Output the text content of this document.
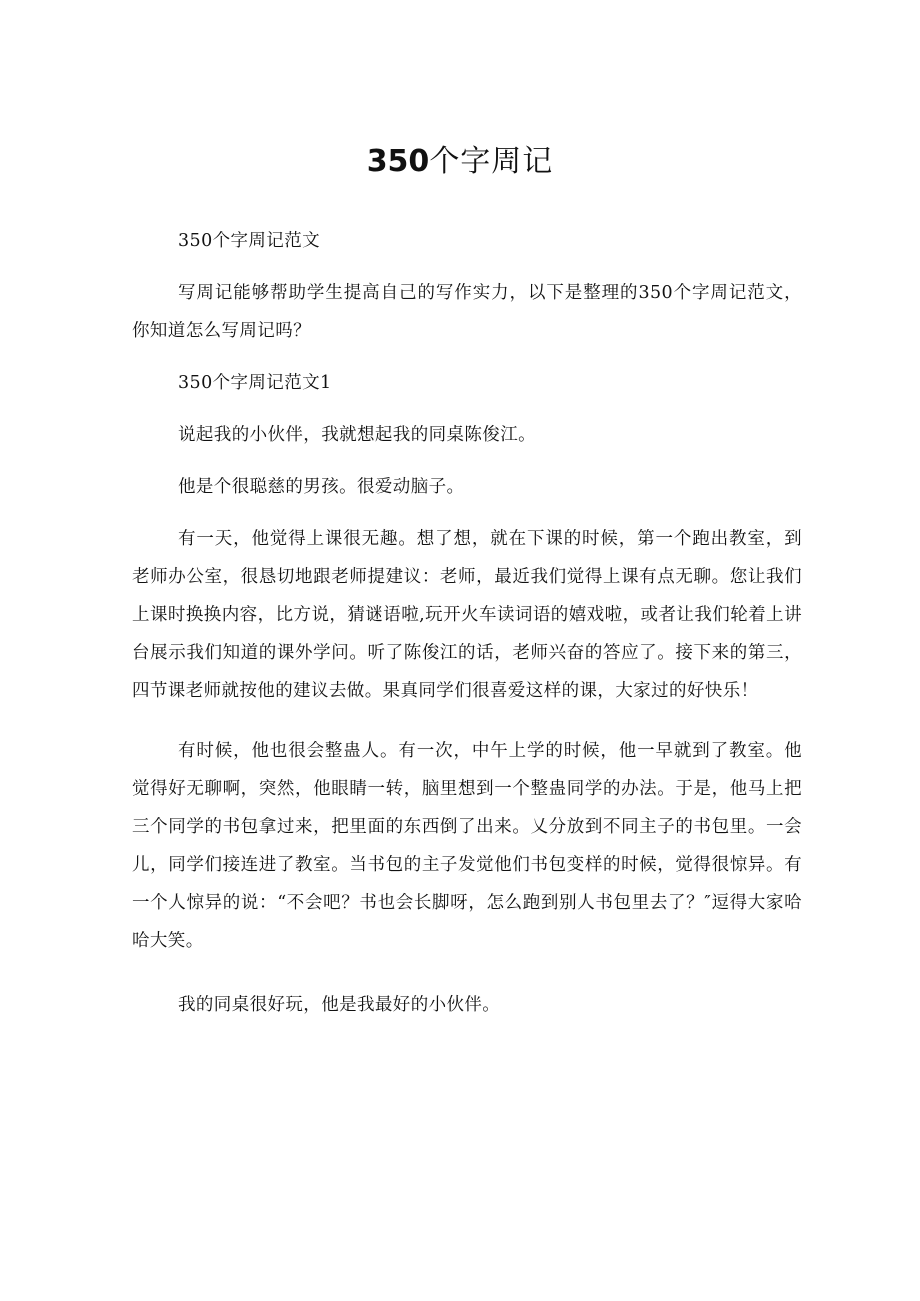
350个字周记

350个字周记范文

写周记能够帮助学生提高自己的写作实力，以下是整理的350个字周记范文，你知道怎么写周记吗？

350个字周记范文1

说起我的小伙伴，我就想起我的同桌陈俊江。

他是个很聪慈的男孩。很爱动脑子。

有一天，他觉得上课很无趣。想了想，就在下课的时候，第一个跑出教室，到老师办公室，很恳切地跟老师提建议：老师，最近我们觉得上课有点无聊。您让我们上课时换换内容，比方说，猜谜语啦,玩开火车读词语的嬉戏啦，或者让我们轮着上讲台展示我们知道的课外学问。听了陈俊江的话，老师兴奋的答应了。接下来的第三，四节课老师就按他的建议去做。果真同学们很喜爱这样的课，大家过的好快乐！

有时候，他也很会整蛊人。有一次，中午上学的时候，他一早就到了教室。他觉得好无聊啊，突然，他眼睛一转，脑里想到一个整蛊同学的办法。于是，他马上把三个同学的书包拿过来，把里面的东西倒了出来。乂分放到不同主子的书包里。一会儿，同学们接连进了教室。当书包的主子发觉他们书包变样的时候，觉得很惊异。有一个人惊异的说：“不会吧？书也会长脚呀，怎么跑到别人书包里去了？″逗得大家哈哈大笑。

我的同桌很好玩，他是我最好的小伙伴。
